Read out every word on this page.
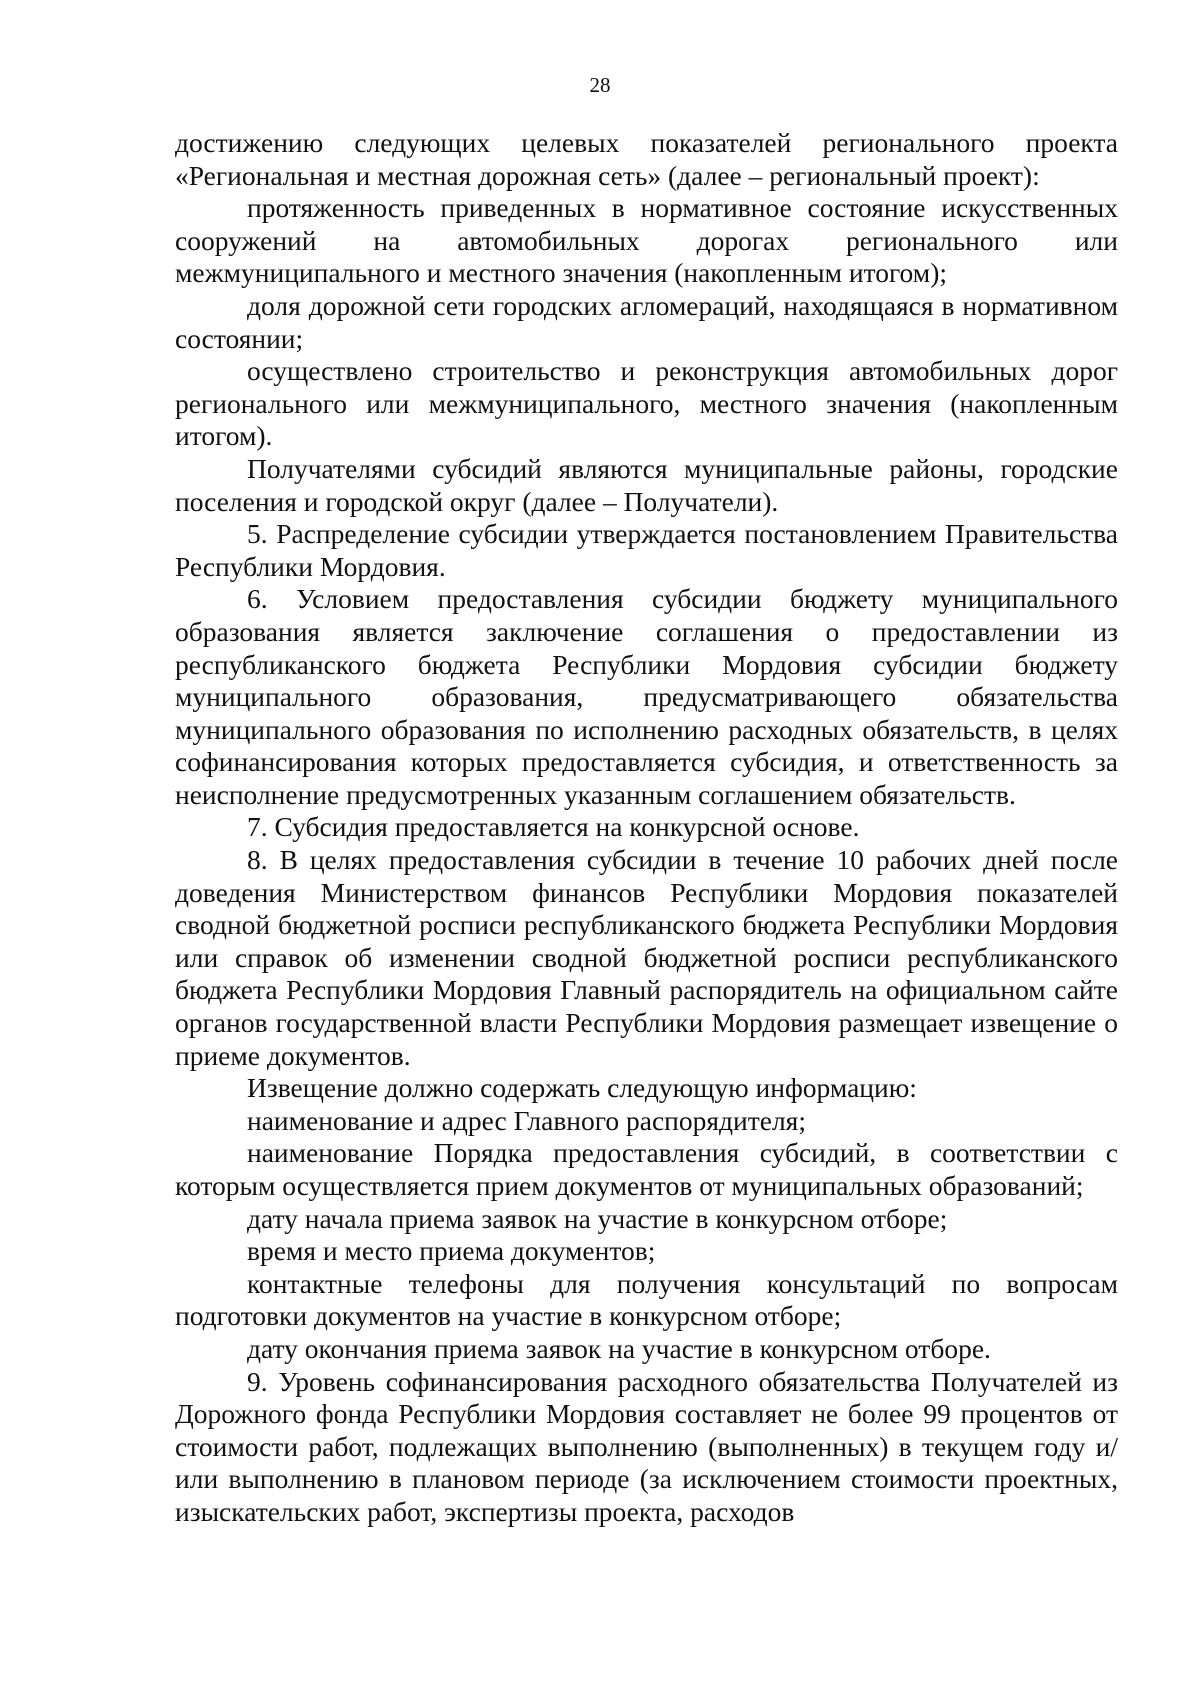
28

достижению следующих целевых показателей регионального проекта «Региональная и местная дорожная сеть» (далее – региональный проект):

протяженность приведенных в нормативное состояние искусственных сооружений на автомобильных дорогах регионального или межмуниципального и местного значения (накопленным итогом);

доля дорожной сети городских агломераций, находящаяся в нормативном состоянии;

осуществлено строительство и реконструкция автомобильных дорог регионального или межмуниципального, местного значения (накопленным итогом).

Получателями субсидий являются муниципальные районы, городские поселения и городской округ (далее – Получатели).

5. Распределение субсидии утверждается постановлением Правительства Республики Мордовия.

6. Условием предоставления субсидии бюджету муниципального образования является заключение соглашения о предоставлении из республиканского бюджета Республики Мордовия субсидии бюджету муниципального образования, предусматривающего обязательства муниципального образования по исполнению расходных обязательств, в целях софинансирования которых предоставляется субсидия, и ответственность за неисполнение предусмотренных указанным соглашением обязательств.

7. Субсидия предоставляется на конкурсной основе.

8. В целях предоставления субсидии в течение 10 рабочих дней после доведения Министерством финансов Республики Мордовия показателей сводной бюджетной росписи республиканского бюджета Республики Мордовия или справок об изменении сводной бюджетной росписи республиканского бюджета Республики Мордовия Главный распорядитель на официальном сайте органов государственной власти Республики Мордовия размещает извещение о приеме документов.

Извещение должно содержать следующую информацию:

наименование и адрес Главного распорядителя;

наименование Порядка предоставления субсидий, в соответствии с которым осуществляется прием документов от муниципальных образований;

дату начала приема заявок на участие в конкурсном отборе;

время и место приема документов;

контактные телефоны для получения консультаций по вопросам подготовки документов на участие в конкурсном отборе;

дату окончания приема заявок на участие в конкурсном отборе.

9. Уровень софинансирования расходного обязательства Получателей из Дорожного фонда Республики Мордовия составляет не более 99 процентов от стоимости работ, подлежащих выполнению (выполненных) в текущем году и/или выполнению в плановом периоде (за исключением стоимости проектных, изыскательских работ, экспертизы проекта, расходов
